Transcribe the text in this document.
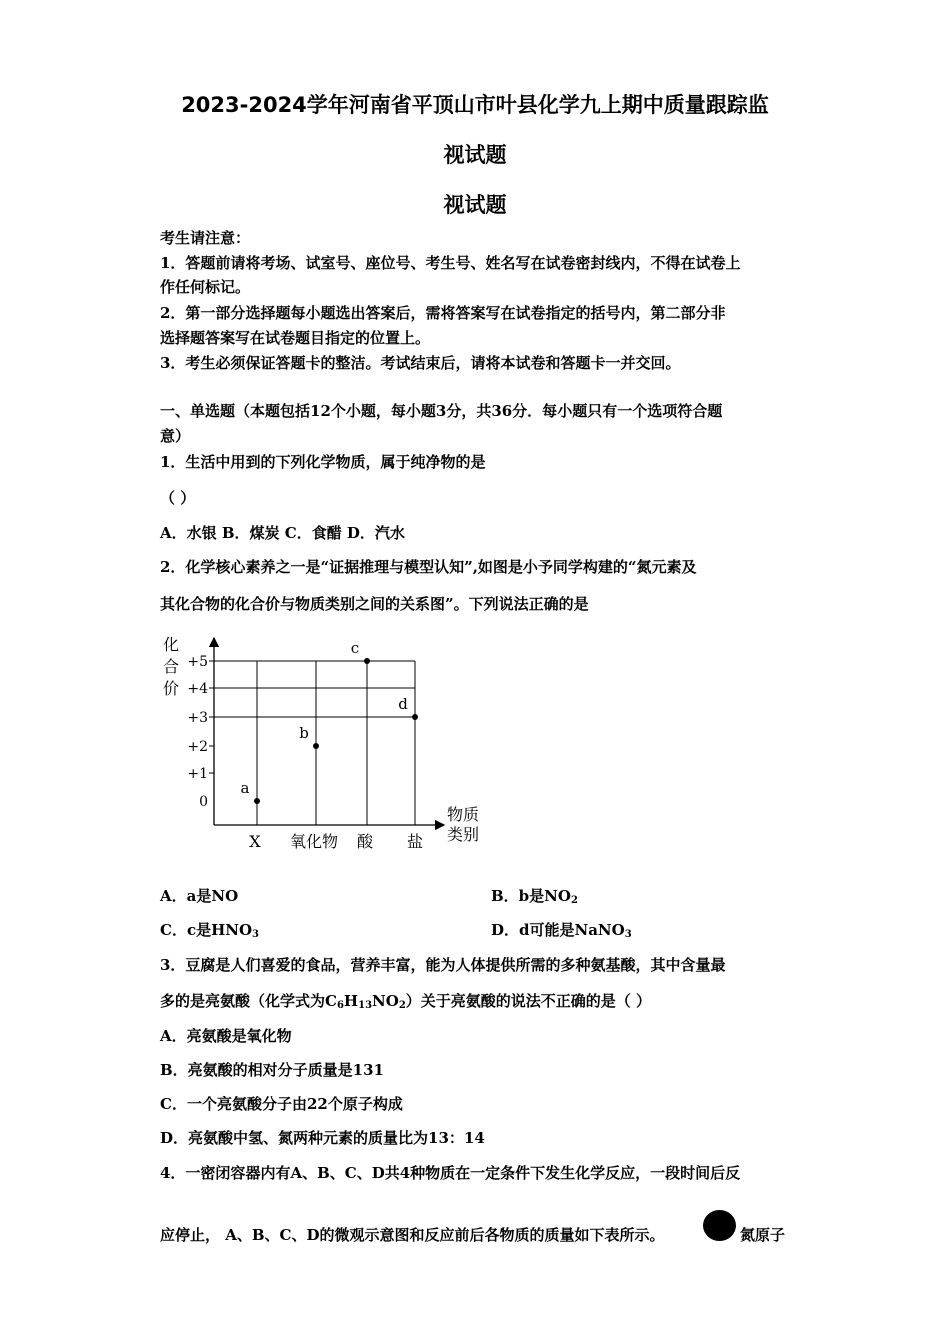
2023-2024学年河南省平顶山市叶县化学九上期中质量跟踪监
视试题
视试题
考生请注意：
1．答题前请将考场、试室号、座位号、考生号、姓名写在试卷密封线内，不得在试卷上
作任何标记。
2．第一部分选择题每小题选出答案后，需将答案写在试卷指定的括号内，第二部分非
选择题答案写在试卷题目指定的位置上。
3．考生必须保证答题卡的整洁。考试结束后，请将本试卷和答题卡一并交回。
一、单选题（本题包括12个小题，每小题3分，共36分．每小题只有一个选项符合题
意）
1．生活中用到的下列化学物质，属于纯净物的是
（ ）
A．水银 B．煤炭 C．食醋 D．汽水
2．化学核心素养之一是“证据推理与模型认知”,如图是小予同学构建的“氮元素及
其化合物的化合价与物质类别之间的关系图”。下列说法正确的是
化
合
价
物质
类别
0
+1
+2
+3
+4
+5
X 氧化物 酸 盐
a
b
c
d
A．a是NO	B．b是$NO_2$
C．c是$HNO_3$	D．d可能是NaNO$_3$
3．豆腐是人们喜爱的食品，营养丰富，能为人体提供所需的多种氨基酸，其中含量最
多的是亮氨酸（化学式为$C_6H_{13}NO_2$）关于亮氨酸的说法不正确的是（ ）
A．亮氨酸是氧化物
B．亮氨酸的相对分子质量是131
C．一个亮氨酸分子由22个原子构成
D．亮氨酸中氢、氮两种元素的质量比为13：14
4．一密闭容器内有A、B、C、D共4种物质在一定条件下发生化学反应，一段时间后反
应停止， A、B、C、D的微观示意图和反应前后各物质的质量如下表所示。	氮原子
